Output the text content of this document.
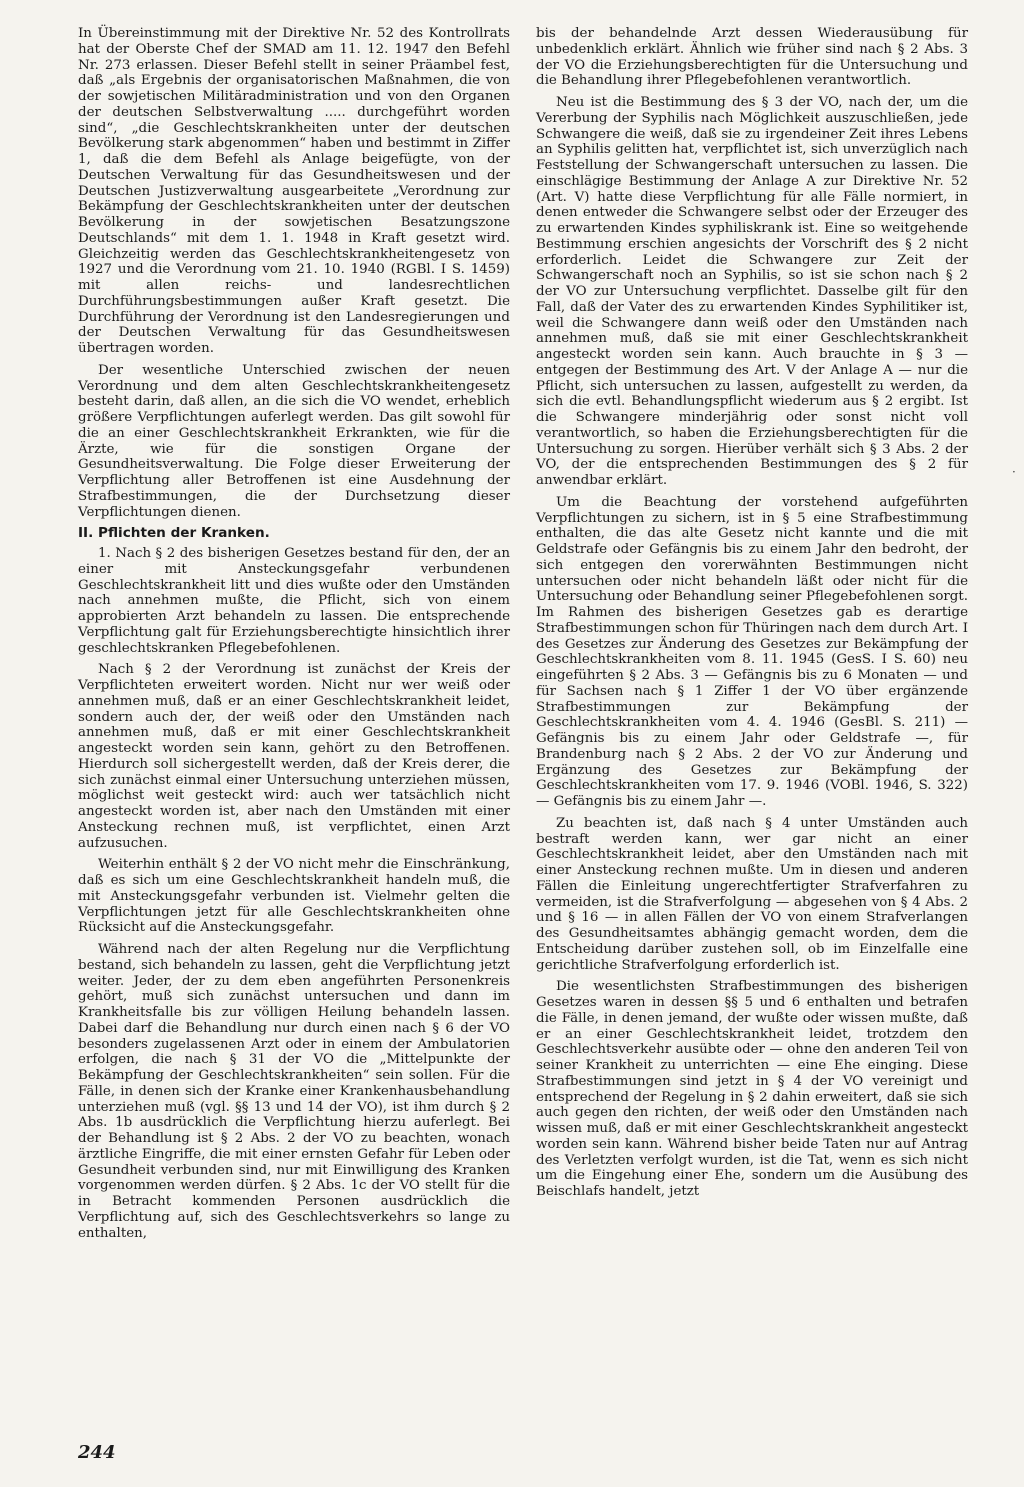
In Übereinstimmung mit der Direktive Nr. 52 des Kontrollrats hat der Oberste Chef der SMAD am 11. 12. 1947 den Befehl Nr. 273 erlassen. Dieser Befehl stellt in seiner Präambel fest, daß „als Ergebnis der organisatorischen Maßnahmen, die von der sowjetischen Militäradministration und von den Organen der deutschen Selbstverwaltung ..... durchgeführt worden sind“, „die Geschlechtskrankheiten unter der deutschen Bevölkerung stark abgenommen“ haben und bestimmt in Ziffer 1, daß die dem Befehl als Anlage beigefügte, von der Deutschen Verwaltung für das Gesundheitswesen und der Deutschen Justizverwaltung ausgearbeitete „Verordnung zur Bekämpfung der Geschlechtskrankheiten unter der deutschen Bevölkerung in der sowjetischen Besatzungszone Deutschlands“ mit dem 1. 1. 1948 in Kraft gesetzt wird. Gleichzeitig werden das Geschlechtskrankheitengesetz von 1927 und die Verordnung vom 21. 10. 1940 (RGBl. I S. 1459) mit allen reichs- und landesrechtlichen Durchführungsbestimmungen außer Kraft gesetzt. Die Durchführung der Verordnung ist den Landesregierungen und der Deutschen Verwaltung für das Gesundheitswesen übertragen worden.

Der wesentliche Unterschied zwischen der neuen Verordnung und dem alten Geschlechtskrankheitengesetz besteht darin, daß allen, an die sich die VO wendet, erheblich größere Verpflichtungen auferlegt werden. Das gilt sowohl für die an einer Geschlechtskrankheit Erkrankten, wie für die Ärzte, wie für die sonstigen Organe der Gesundheitsverwaltung. Die Folge dieser Erweiterung der Verpflichtung aller Betroffenen ist eine Ausdehnung der Strafbestimmungen, die der Durchsetzung dieser Verpflichtungen dienen.

II. Pflichten der Kranken.

1. Nach § 2 des bisherigen Gesetzes bestand für den, der an einer mit Ansteckungsgefahr verbundenen Geschlechtskrankheit litt und dies wußte oder den Umständen nach annehmen mußte, die Pflicht, sich von einem approbierten Arzt behandeln zu lassen. Die entsprechende Verpflichtung galt für Erziehungsberechtigte hinsichtlich ihrer geschlechtskranken Pflegebefohlenen.

Nach § 2 der Verordnung ist zunächst der Kreis der Verpflichteten erweitert worden. Nicht nur wer weiß oder annehmen muß, daß er an einer Geschlechtskrankheit leidet, sondern auch der, der weiß oder den Umständen nach annehmen muß, daß er mit einer Geschlechtskrankheit angesteckt worden sein kann, gehört zu den Betroffenen. Hierdurch soll sichergestellt werden, daß der Kreis derer, die sich zunächst einmal einer Untersuchung unterziehen müssen, möglichst weit gesteckt wird: auch wer tatsächlich nicht angesteckt worden ist, aber nach den Umständen mit einer Ansteckung rechnen muß, ist verpflichtet, einen Arzt aufzusuchen.

Weiterhin enthält § 2 der VO nicht mehr die Einschränkung, daß es sich um eine Geschlechtskrankheit handeln muß, die mit Ansteckungsgefahr verbunden ist. Vielmehr gelten die Verpflichtungen jetzt für alle Geschlechtskrankheiten ohne Rücksicht auf die Ansteckungsgefahr.

Während nach der alten Regelung nur die Verpflichtung bestand, sich behandeln zu lassen, geht die Verpflichtung jetzt weiter. Jeder, der zu dem eben angeführten Personenkreis gehört, muß sich zunächst untersuchen und dann im Krankheitsfalle bis zur völligen Heilung behandeln lassen. Dabei darf die Behandlung nur durch einen nach § 6 der VO besonders zugelassenen Arzt oder in einem der Ambulatorien erfolgen, die nach § 31 der VO die „Mittelpunkte der Bekämpfung der Geschlechtskrankheiten“ sein sollen. Für die Fälle, in denen sich der Kranke einer Krankenhausbehandlung unterziehen muß (vgl. §§ 13 und 14 der VO), ist ihm durch § 2 Abs. 1b ausdrücklich die Verpflichtung hierzu auferlegt. Bei der Behandlung ist § 2 Abs. 2 der VO zu beachten, wonach ärztliche Eingriffe, die mit einer ernsten Gefahr für Leben oder Gesundheit verbunden sind, nur mit Einwilligung des Kranken vorgenommen werden dürfen. § 2 Abs. 1c der VO stellt für die in Betracht kommenden Personen ausdrücklich die Verpflichtung auf, sich des Geschlechtsverkehrs so lange zu enthalten,

bis der behandelnde Arzt dessen Wiederausübung für unbedenklich erklärt. Ähnlich wie früher sind nach § 2 Abs. 3 der VO die Erziehungsberechtigten für die Untersuchung und die Behandlung ihrer Pflegebefohlenen verantwortlich.

Neu ist die Bestimmung des § 3 der VO, nach der, um die Vererbung der Syphilis nach Möglichkeit auszuschließen, jede Schwangere die weiß, daß sie zu irgendeiner Zeit ihres Lebens an Syphilis gelitten hat, verpflichtet ist, sich unverzüglich nach Feststellung der Schwangerschaft untersuchen zu lassen. Die einschlägige Bestimmung der Anlage A zur Direktive Nr. 52 (Art. V) hatte diese Verpflichtung für alle Fälle normiert, in denen entweder die Schwangere selbst oder der Erzeuger des zu erwartenden Kindes syphiliskrank ist. Eine so weitgehende Bestimmung erschien angesichts der Vorschrift des § 2 nicht erforderlich. Leidet die Schwangere zur Zeit der Schwangerschaft noch an Syphilis, so ist sie schon nach § 2 der VO zur Untersuchung verpflichtet. Dasselbe gilt für den Fall, daß der Vater des zu erwartenden Kindes Syphilitiker ist, weil die Schwangere dann weiß oder den Umständen nach annehmen muß, daß sie mit einer Geschlechtskrankheit angesteckt worden sein kann. Auch brauchte in § 3 — entgegen der Bestimmung des Art. V der Anlage A — nur die Pflicht, sich untersuchen zu lassen, aufgestellt zu werden, da sich die evtl. Behandlungspflicht wiederum aus § 2 ergibt. Ist die Schwangere minderjährig oder sonst nicht voll verantwortlich, so haben die Erziehungsberechtigten für die Untersuchung zu sorgen. Hierüber verhält sich § 3 Abs. 2 der VO, der die entsprechenden Bestimmungen des § 2 für anwendbar erklärt.

Um die Beachtung der vorstehend aufgeführten Verpflichtungen zu sichern, ist in § 5 eine Strafbestimmung enthalten, die das alte Gesetz nicht kannte und die mit Geldstrafe oder Gefängnis bis zu einem Jahr den bedroht, der sich entgegen den vorerwähnten Bestimmungen nicht untersuchen oder nicht behandeln läßt oder nicht für die Untersuchung oder Behandlung seiner Pflegebefohlenen sorgt. Im Rahmen des bisherigen Gesetzes gab es derartige Strafbestimmungen schon für Thüringen nach dem durch Art. I des Gesetzes zur Änderung des Gesetzes zur Bekämpfung der Geschlechtskrankheiten vom 8. 11. 1945 (GesS. I S. 60) neu eingeführten § 2 Abs. 3 — Gefängnis bis zu 6 Monaten — und für Sachsen nach § 1 Ziffer 1 der VO über ergänzende Strafbestimmungen zur Bekämpfung der Geschlechtskrankheiten vom 4. 4. 1946 (GesBl. S. 211) — Gefängnis bis zu einem Jahr oder Geldstrafe —, für Brandenburg nach § 2 Abs. 2 der VO zur Änderung und Ergänzung des Gesetzes zur Bekämpfung der Geschlechtskrankheiten vom 17. 9. 1946 (VOBl. 1946, S. 322) — Gefängnis bis zu einem Jahr —.

Zu beachten ist, daß nach § 4 unter Umständen auch bestraft werden kann, wer gar nicht an einer Geschlechtskrankheit leidet, aber den Umständen nach mit einer Ansteckung rechnen mußte. Um in diesen und anderen Fällen die Einleitung ungerechtfertigter Strafverfahren zu vermeiden, ist die Strafverfolgung — abgesehen von § 4 Abs. 2 und § 16 — in allen Fällen der VO von einem Strafverlangen des Gesundheitsamtes abhängig gemacht worden, dem die Entscheidung darüber zustehen soll, ob im Einzelfalle eine gerichtliche Strafverfolgung erforderlich ist.

Die wesentlichsten Strafbestimmungen des bisherigen Gesetzes waren in dessen §§ 5 und 6 enthalten und betrafen die Fälle, in denen jemand, der wußte oder wissen mußte, daß er an einer Geschlechtskrankheit leidet, trotzdem den Geschlechtsverkehr ausübte oder — ohne den anderen Teil von seiner Krankheit zu unterrichten — eine Ehe einging. Diese Strafbestimmungen sind jetzt in § 4 der VO vereinigt und entsprechend der Regelung in § 2 dahin erweitert, daß sie sich auch gegen den richten, der weiß oder den Umständen nach wissen muß, daß er mit einer Geschlechtskrankheit angesteckt worden sein kann. Während bisher beide Taten nur auf Antrag des Verletzten verfolgt wurden, ist die Tat, wenn es sich nicht um die Eingehung einer Ehe, sondern um die Ausübung des Beischlafs handelt, jetzt

·
244
